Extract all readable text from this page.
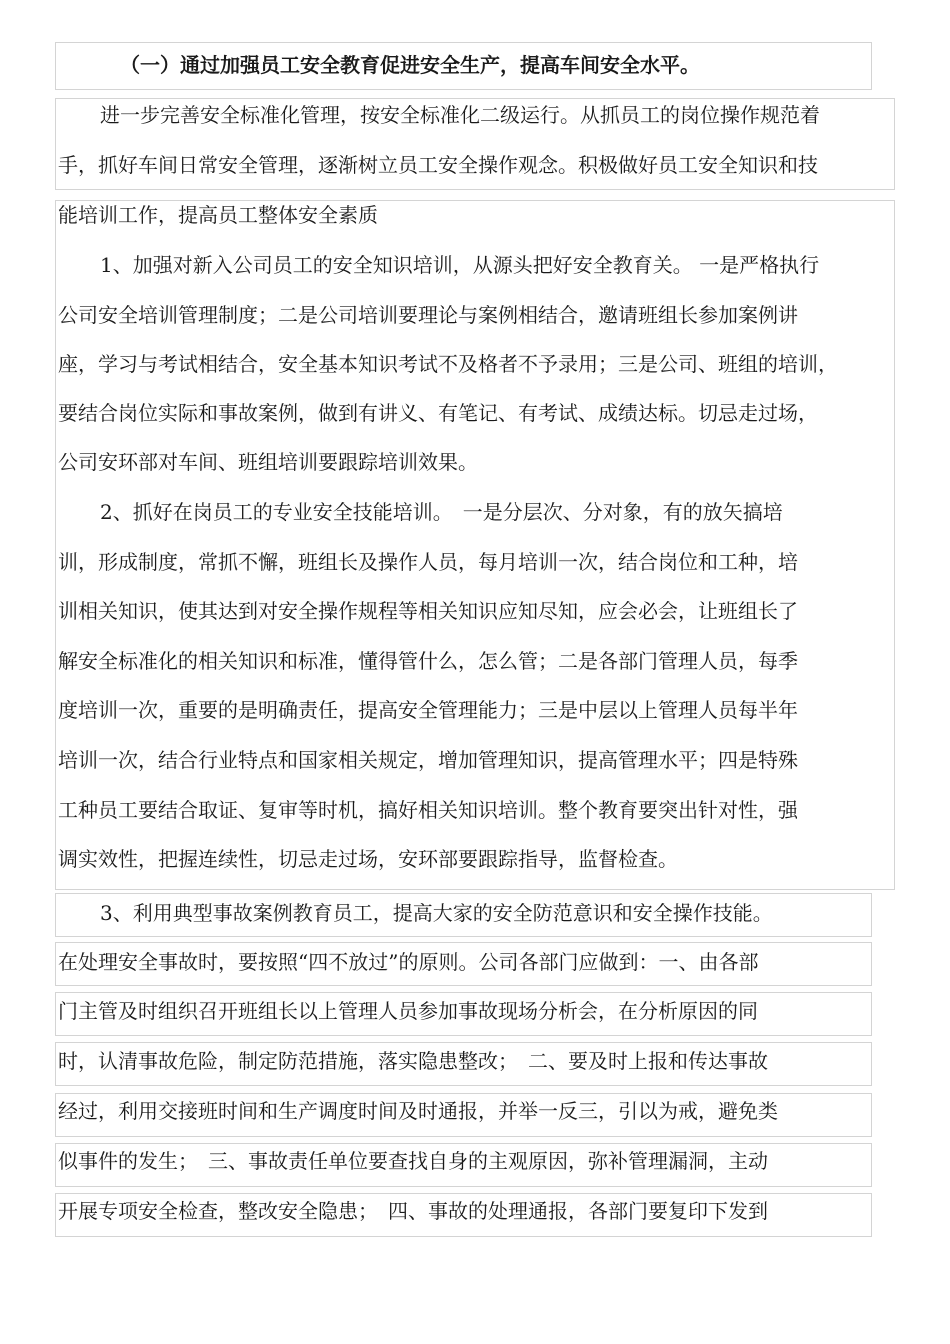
（一）通过加强员工安全教育促进安全生产，提高车间安全水平。
进一步完善安全标准化管理，按安全标准化二级运行。从抓员工的岗位操作规范着
手，抓好车间日常安全管理，逐渐树立员工安全操作观念。积极做好员工安全知识和技
能培训工作，提高员工整体安全素质
1、加强对新入公司员工的安全知识培训，从源头把好安全教育关。 一是严格执行
公司安全培训管理制度；二是公司培训要理论与案例相结合，邀请班组长参加案例讲
座，学习与考试相结合，安全基本知识考试不及格者不予录用；三是公司、班组的培训，
要结合岗位实际和事故案例，做到有讲义、有笔记、有考试、成绩达标。切忌走过场，
公司安环部对车间、班组培训要跟踪培训效果。
2、抓好在岗员工的专业安全技能培训。　一是分层次、分对象，有的放矢搞培
训，形成制度，常抓不懈，班组长及操作人员，每月培训一次，结合岗位和工种，培
训相关知识，使其达到对安全操作规程等相关知识应知尽知，应会必会，让班组长了
解安全标准化的相关知识和标准，懂得管什么，怎么管；二是各部门管理人员，每季
度培训一次，重要的是明确责任，提高安全管理能力；三是中层以上管理人员每半年
培训一次，结合行业特点和国家相关规定，增加管理知识，提高管理水平；四是特殊
工种员工要结合取证、复审等时机，搞好相关知识培训。整个教育要突出针对性，强
调实效性，把握连续性，切忌走过场，安环部要跟踪指导，监督检查。
3、利用典型事故案例教育员工，提高大家的安全防范意识和安全操作技能。
在处理安全事故时，要按照“四不放过”的原则。公司各部门应做到：一、由各部
门主管及时组织召开班组长以上管理人员参加事故现场分析会，在分析原因的同
时，认清事故危险，制定防范措施，落实隐患整改；　二、要及时上报和传达事故
经过，利用交接班时间和生产调度时间及时通报，并举一反三，引以为戒，避免类
似事件的发生；　三、事故责任单位要查找自身的主观原因，弥补管理漏洞，主动
开展专项安全检查，整改安全隐患；　四、事故的处理通报，各部门要复印下发到
